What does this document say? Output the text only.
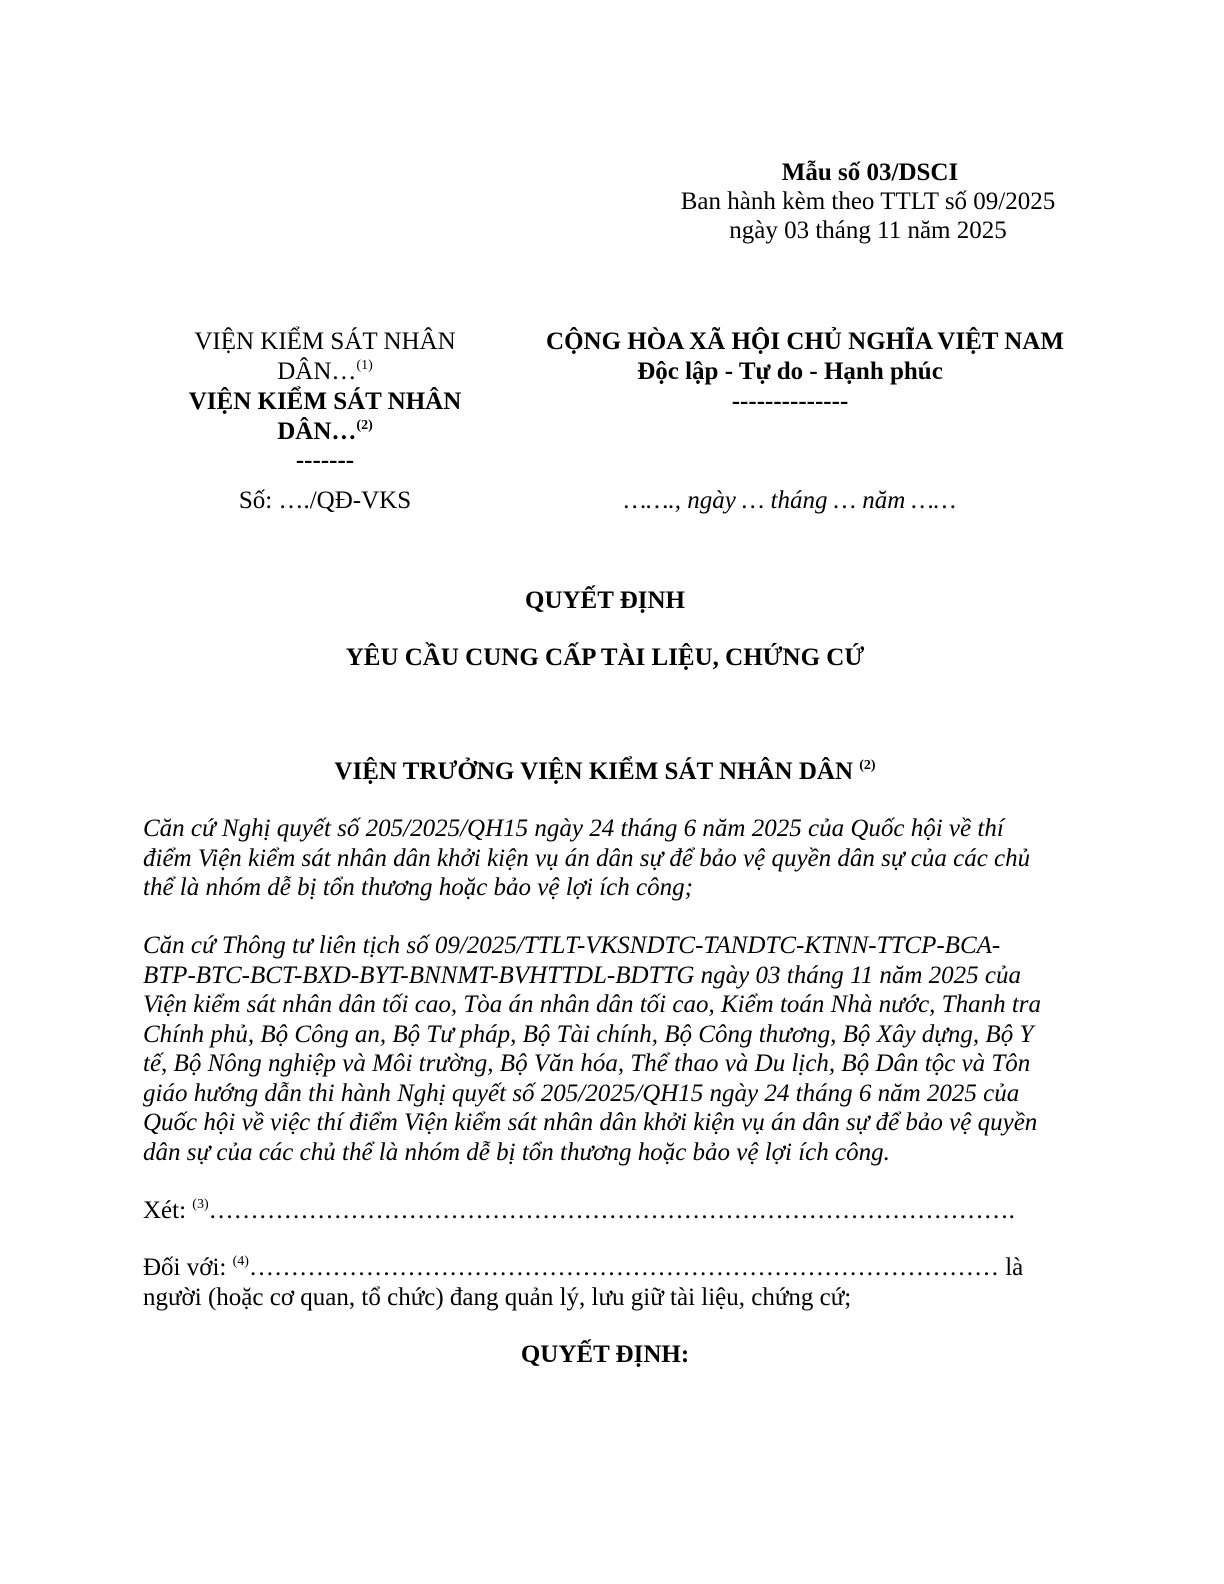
Mẫu số 03/DSCI
Ban hành kèm theo TTLT số 09/2025
ngày 03 tháng 11 năm 2025
VIỆN KIỂM SÁT NHÂN
DÂN…$^{(1)}$
VIỆN KIỂM SÁT NHÂN
DÂN…$^{(2)}$
-------
Số: …./QĐ-VKS
CỘNG HÒA XÃ HỘI CHỦ NGHĨA VIỆT NAM
Độc lập - Tự do - Hạnh phúc
--------------
……., ngày … tháng … năm ……
QUYẾT ĐỊNH
YÊU CẦU CUNG CẤP TÀI LIỆU, CHỨNG CỨ
VIỆN TRƯỞNG VIỆN KIỂM SÁT NHÂN DÂN $^{(2)}$
Căn cứ Nghị quyết số 205/2025/QH15 ngày 24 tháng 6 năm 2025 của Quốc hội về thí
điểm Viện kiểm sát nhân dân khởi kiện vụ án dân sự để bảo vệ quyền dân sự của các chủ
thể là nhóm dễ bị tổn thương hoặc bảo vệ lợi ích công;
Căn cứ Thông tư liên tịch số 09/2025/TTLT-VKSNDTC-TANDTC-KTNN-TTCP-BCA-
BTP-BTC-BCT-BXD-BYT-BNNMT-BVHTTDL-BDTTG ngày 03 tháng 11 năm 2025 của
Viện kiểm sát nhân dân tối cao, Tòa án nhân dân tối cao, Kiểm toán Nhà nước, Thanh tra
Chính phủ, Bộ Công an, Bộ Tư pháp, Bộ Tài chính, Bộ Công thương, Bộ Xây dựng, Bộ Y
tế, Bộ Nông nghiệp và Môi trường, Bộ Văn hóa, Thể thao và Du lịch, Bộ Dân tộc và Tôn
giáo hướng dẫn thi hành Nghị quyết số 205/2025/QH15 ngày 24 tháng 6 năm 2025 của
Quốc hội về việc thí điểm Viện kiểm sát nhân dân khởi kiện vụ án dân sự để bảo vệ quyền
dân sự của các chủ thể là nhóm dễ bị tổn thương hoặc bảo vệ lợi ích công.
Xét: $^{(3)}$…………………………………………………………………………………….
Đối với: $^{(4)}$……………………………………………………………………………… là
người (hoặc cơ quan, tổ chức) đang quản lý, lưu giữ tài liệu, chứng cứ;
QUYẾT ĐỊNH:
